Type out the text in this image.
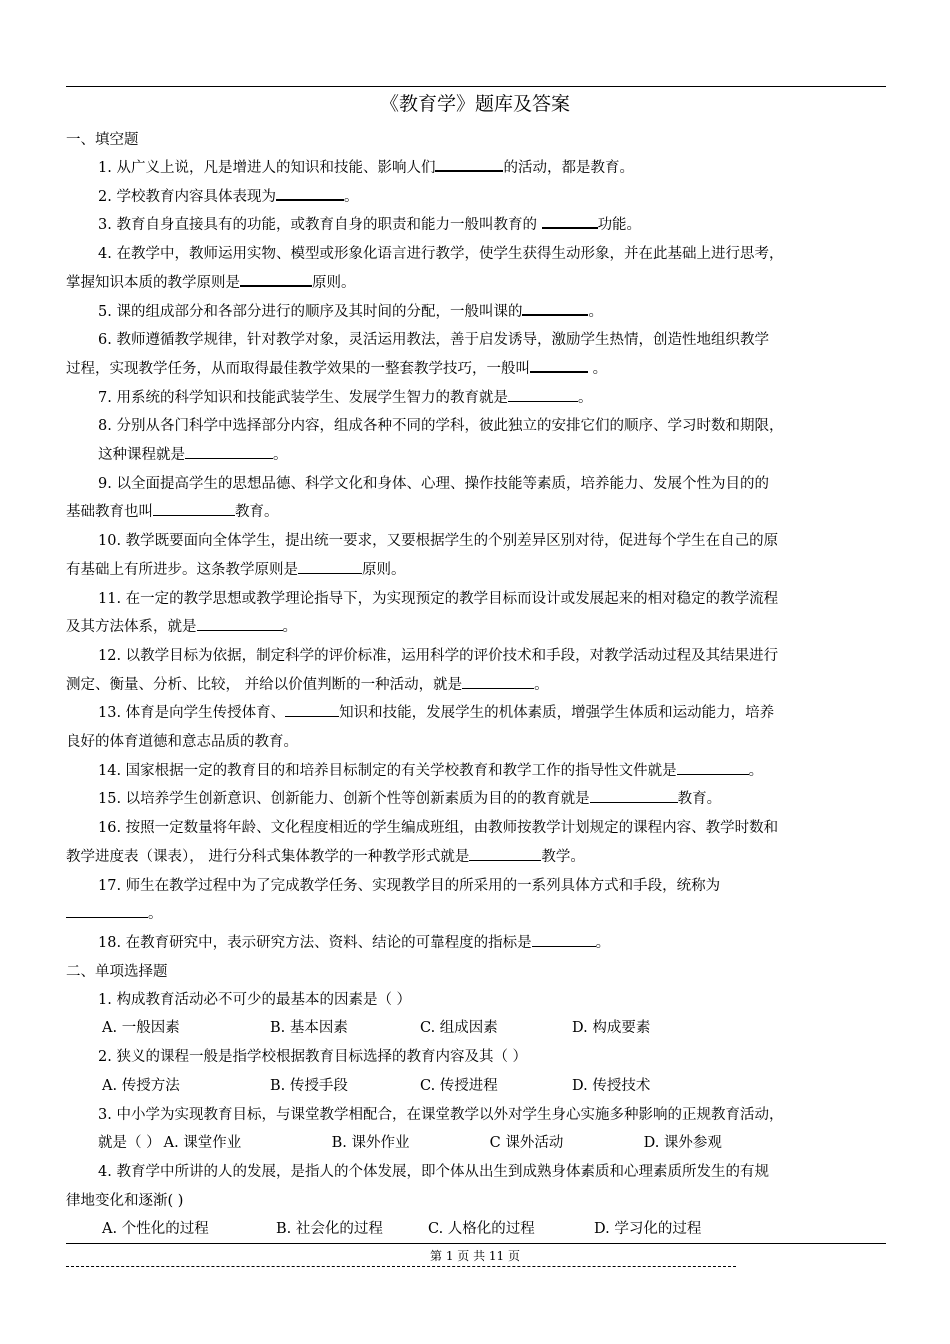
《教育学》题库及答案
一、填空题
1. 从广义上说，凡是增进人的知识和技能、影响人们	的活动，都是教育。
2. 学校教育内容具体表现为	。
3. 教育自身直接具有的功能，或教育自身的职责和能力一般叫教育的	功能。
4. 在教学中，教师运用实物、模型或形象化语言进行教学，使学生获得生动形象，并在此基础上进行思考，
掌握知识本质的教学原则是	原则。
5. 课的组成部分和各部分进行的顺序及其时间的分配，一般叫课的	。
6. 教师遵循教学规律，针对教学对象，灵活运用教法，善于启发诱导，激励学生热情，创造性地组织教学
过程，实现教学任务，从而取得最佳教学效果的一整套教学技巧，一般叫	。
7. 用系统的科学知识和技能武装学生、发展学生智力的教育就是	。
8. 分别从各门科学中选择部分内容，组成各种不同的学科，彼此独立的安排它们的顺序、学习时数和期限，
这种课程就是	。
9. 以全面提高学生的思想品德、科学文化和身体、心理、操作技能等素质，培养能力、发展个性为目的的
基础教育也叫	教育。
10. 教学既要面向全体学生，提出统一要求，又要根据学生的个别差异区别对待，促进每个学生在自己的原
有基础上有所进步。这条教学原则是	原则。
11. 在一定的教学思想或教学理论指导下，为实现预定的教学目标而设计或发展起来的相对稳定的教学流程
及其方法体系，就是	。
12. 以教学目标为依据，制定科学的评价标准，运用科学的评价技术和手段，对教学活动过程及其结果进行
测定、衡量、分析、比较， 并给以价值判断的一种活动，就是	。
13. 体育是向学生传授体育、	知识和技能，发展学生的机体素质，增强学生体质和运动能力，培养
良好的体育道德和意志品质的教育。
14. 国家根据一定的教育目的和培养目标制定的有关学校教育和教学工作的指导性文件就是	。
15. 以培养学生创新意识、创新能力、创新个性等创新素质为目的的教育就是	教育。
16. 按照一定数量将年龄、文化程度相近的学生编成班组，由教师按教学计划规定的课程内容、教学时数和
教学进度表（课表）， 进行分科式集体教学的一种教学形式就是	教学。
17. 师生在教学过程中为了完成教学任务、实现教学目的所采用的一系列具体方式和手段，统称为
。
18. 在教育研究中，表示研究方法、资料、结论的可靠程度的指标是	。
二、单项选择题
1. 构成教育活动必不可少的最基本的因素是（ ）
A. 一般因素	B. 基本因素	C. 组成因素	D. 构成要素
2. 狭义的课程一般是指学校根据教育目标选择的教育内容及其（ ）
A. 传授方法	B. 传授手段	C. 传授进程	D. 传授技术
3. 中小学为实现教育目标，与课堂教学相配合，在课堂教学以外对学生身心实施多种影响的正规教育活动，
就是（ ） A. 课堂作业	B. 课外作业	C 课外活动	D. 课外参观
4. 教育学中所讲的人的发展，是指人的个体发展，即个体从出生到成熟身体素质和心理素质所发生的有规
律地变化和逐渐( )
A. 个性化的过程	B. 社会化的过程	C. 人格化的过程	D. 学习化的过程
第 1 页 共 11 页
